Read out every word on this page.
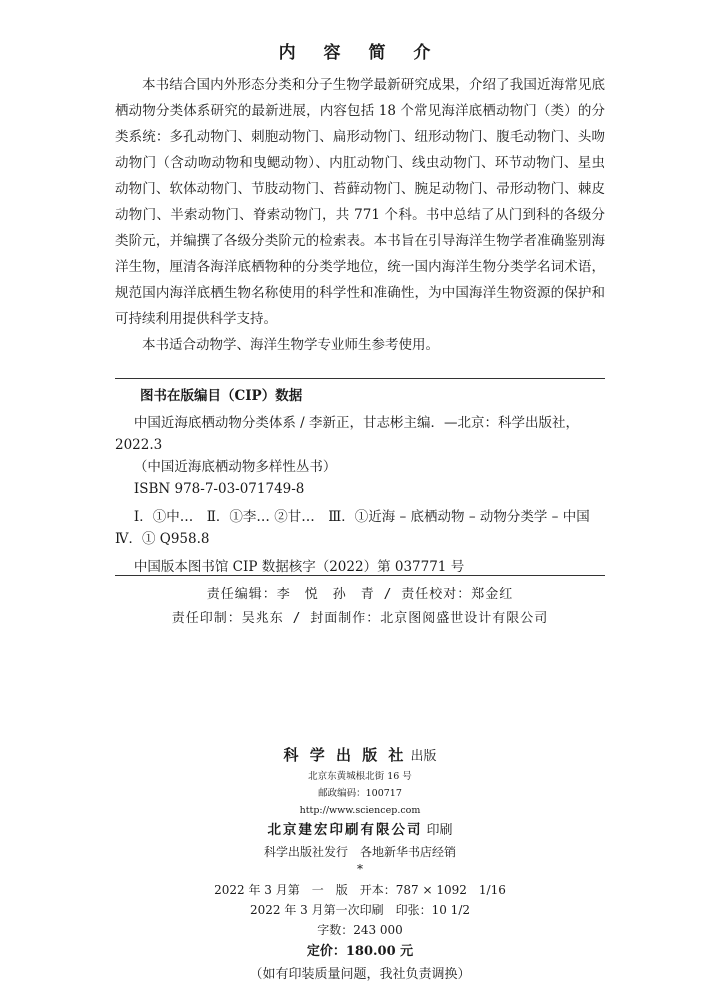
内 容 简 介

本书结合国内外形态分类和分子生物学最新研究成果，介绍了我国近海常见底栖动物分类体系研究的最新进展，内容包括 18 个常见海洋底栖动物门（类）的分类系统：多孔动物门、刺胞动物门、扁形动物门、纽形动物门、腹毛动物门、头吻动物门（含动吻动物和曳鳃动物）、内肛动物门、线虫动物门、环节动物门、星虫动物门、软体动物门、节肢动物门、苔藓动物门、腕足动物门、帚形动物门、棘皮动物门、半索动物门、脊索动物门，共 771 个科。书中总结了从门到科的各级分类阶元，并编撰了各级分类阶元的检索表。本书旨在引导海洋生物学者准确鉴别海洋生物，厘清各海洋底栖物种的分类学地位，统一国内海洋生物分类学名词术语，规范国内海洋底栖生物名称使用的科学性和准确性，为中国海洋生物资源的保护和可持续利用提供科学支持。

本书适合动物学、海洋生物学专业师生参考使用。

图书在版编目（CIP）数据

中国近海底栖动物分类体系 / 李新正，甘志彬主编．—北京：科学出版社，2022.3

（中国近海底栖动物多样性丛书）

ISBN 978-7-03-071749-8

Ⅰ．①中…　Ⅱ．①李… ②甘…　Ⅲ．①近海 – 底栖动物 – 动物分类学 – 中国　Ⅳ．① Q958.8

中国版本图书馆 CIP 数据核字（2022）第 037771 号

责任编辑：李　悦　孙　青 / 责任校对：郑金红
责任印制：吴兆东 / 封面制作：北京图阅盛世设计有限公司
科 学 出 版 社 出版
北京东黄城根北街 16 号
邮政编码：100717
http://www.sciencep.com
北京建宏印刷有限公司 印刷
科学出版社发行　各地新华书店经销
*
2022 年 3 月第　一　版　开本：787 × 1092　1/16
2022 年 3 月第一次印刷　印张：10 1/2
字数：243 000
定价：180.00 元
（如有印装质量问题，我社负责调换）
